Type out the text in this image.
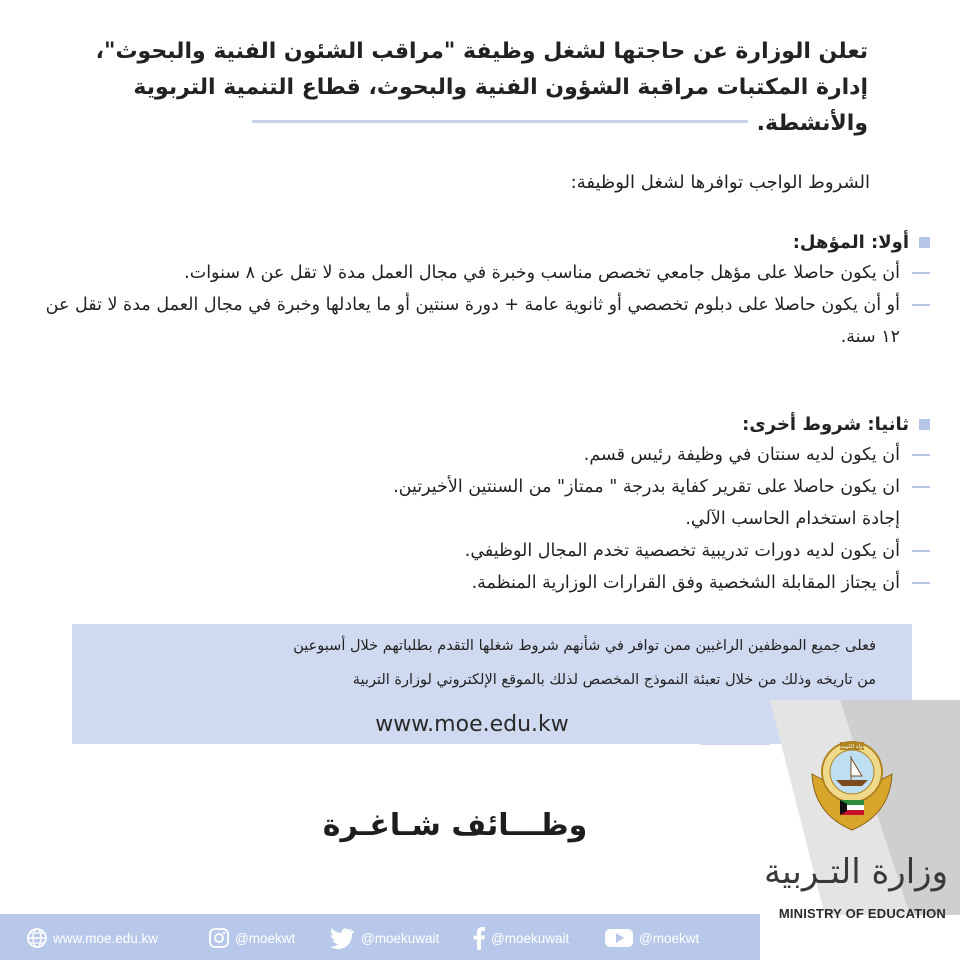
تعلن الوزارة عن حاجتها لشغل وظيفة "مراقب الشئون الفنية والبحوث"،
إدارة المكتبات مراقبة الشؤون الفنية والبحوث، قطاع التنمية التربوية والأنشطة.
الشروط الواجب توافرها لشغل الوظيفة:
أولا: المؤهل:
أن يكون حاصلا على مؤهل جامعي تخصص مناسب وخبرة في مجال العمل مدة لا تقل عن ٨ سنوات.
أو أن يكون حاصلا على دبلوم تخصصي أو ثانوية عامة + دورة سنتين أو ما يعادلها وخبرة في مجال العمل مدة لا تقل عن ١٢ سنة.
ثانيا: شروط أخرى:
أن يكون لديه سنتان في وظيفة رئيس قسم.
ان يكون حاصلا على تقرير كفاية بدرجة " ممتاز" من السنتين الأخيرتين.
إجادة استخدام الحاسب الآلي.
أن يكون لديه دورات تدريبية تخصصية تخدم المجال الوظيفي.
أن يجتاز المقابلة الشخصية وفق القرارات الوزارية المنظمة.
فعلى جميع الموظفين الراغبين ممن توافر في شأنهم شروط شغلها التقدم بطلباتهم خلال أسبوعين
من تاريخه وذلك من خلال تعبئة النموذج المخصص لذلك بالموقع الإلكتروني لوزارة التربية
www.moe.edu.kw
وظـــائف شـاغـرة
دولة الكويت
وزارة التـربية
MINISTRY OF EDUCATION
www.moe.edu.kw	@moekwt	@moekuwait	@moekuwait	@moekwt
